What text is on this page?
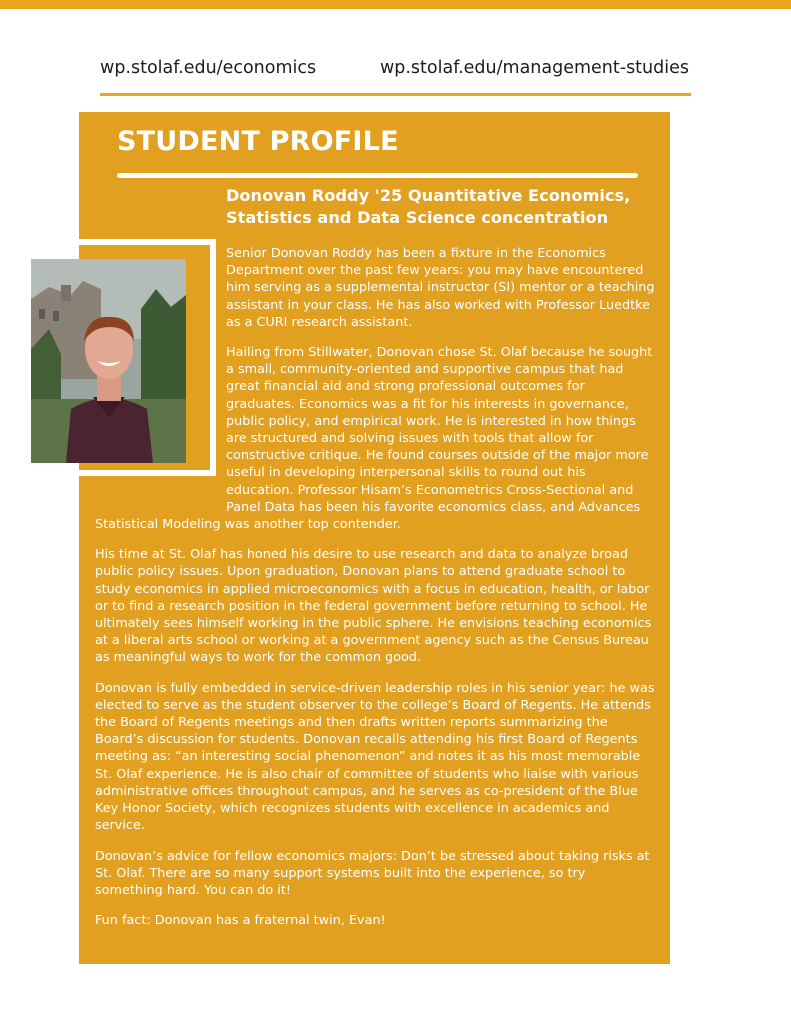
wp.stolaf.edu/economics	wp.stolaf.edu/management-studies
STUDENT PROFILE
Donovan Roddy '25 Quantitative Economics, Statistics and Data Science concentration

Senior Donovan Roddy has been a fixture in the Economics Department over the past few years: you may have encountered him serving as a supplemental instructor (SI) mentor or a teaching assistant in your class. He has also worked with Professor Luedtke as a CURI research assistant.

Hailing from Stillwater, Donovan chose St. Olaf because he sought a small, community-oriented and supportive campus that had great financial aid and strong professional outcomes for graduates. Economics was a fit for his interests in governance, public policy, and empirical work. He is interested in how things are structured and solving issues with tools that allow for constructive critique. He found courses outside of the major more useful in developing interpersonal skills to round out his education. Professor Hisam’s Econometrics Cross-Sectional and Panel Data has been his favorite economics class, and Advances Statistical Modeling was another top contender.

His time at St. Olaf has honed his desire to use research and data to analyze broad public policy issues. Upon graduation, Donovan plans to attend graduate school to study economics in applied microeconomics with a focus in education, health, or labor or to find a research position in the federal government before returning to school. He ultimately sees himself working in the public sphere. He envisions teaching economics at a liberal arts school or working at a government agency such as the Census Bureau as meaningful ways to work for the common good.

Donovan is fully embedded in service-driven leadership roles in his senior year: he was elected to serve as the student observer to the college’s Board of Regents. He attends the Board of Regents meetings and then drafts written reports summarizing the Board’s discussion for students. Donovan recalls attending his first Board of Regents meeting as: “an interesting social phenomenon” and notes it as his most memorable St. Olaf experience. He is also chair of committee of students who liaise with various administrative offices throughout campus, and he serves as co-president of the Blue Key Honor Society, which recognizes students with excellence in academics and service.

Donovan’s advice for fellow economics majors: Don’t be stressed about taking risks at St. Olaf. There are so many support systems built into the experience, so try something hard. You can do it!

Fun fact: Donovan has a fraternal twin, Evan!
